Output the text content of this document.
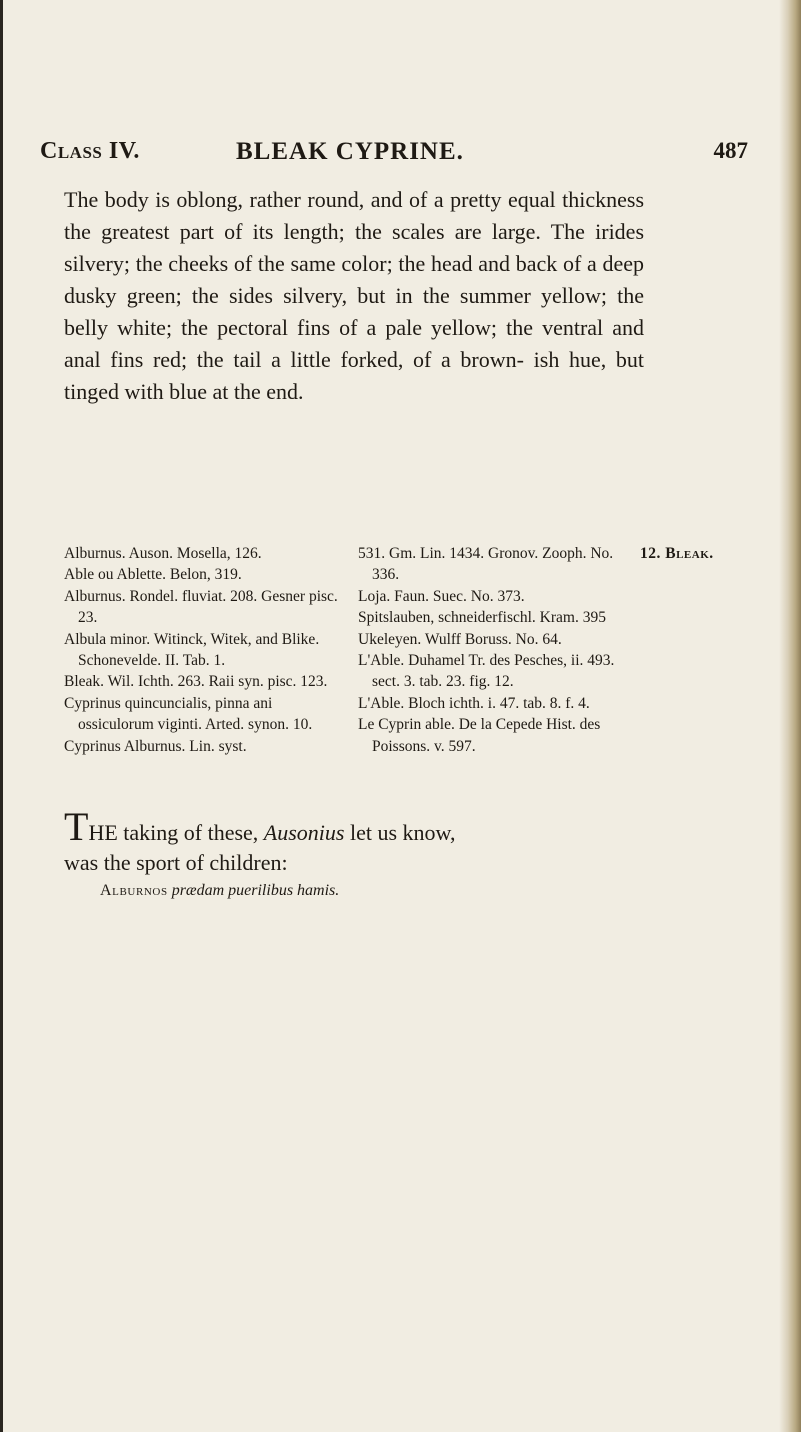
Class IV.	BLEAK CYPRINE.	487

The body is oblong, rather round, and of a pretty equal thickness the greatest part of its length; the scales are large. The irides silvery; the cheeks of the same color; the head and back of a deep dusky green; the sides silvery, but in the summer yellow; the belly white; the pectoral fins of a pale yellow; the ventral and anal fins red; the tail a little forked, of a brown- ish hue, but tinged with blue at the end.

Alburnus. Auson. Mosella, 126.
Able ou Ablette. Belon, 319.
Alburnus. Rondel. fluviat. 208. Gesner pisc. 23.
Albula minor. Witinck, Witek, and Blike. Schonevelde. II. Tab. 1.
Bleak. Wil. Ichth. 263. Raii syn. pisc. 123.
Cyprinus quincuncialis, pinna ani ossiculorum viginti. Arted. synon. 10.
Cyprinus Alburnus. Lin. syst.
531. Gm. Lin. 1434. Gronov. Zooph. No. 336.
Loja. Faun. Suec. No. 373.
Spitslauben, schneiderfischl. Kram. 395
Ukeleyen. Wulff Boruss. No. 64.
L'Able. Duhamel Tr. des Pesches, ii. 493. sect. 3. tab. 23. fig. 12.
L'Able. Bloch ichth. i. 47. tab. 8. f. 4.
Le Cyprin able. De la Cepede Hist. des Poissons. v. 597.
12. Bleak.

THE taking of these, Ausonius let us know,
was the sport of children:

Alburnos prædam puerilibus hamis.
